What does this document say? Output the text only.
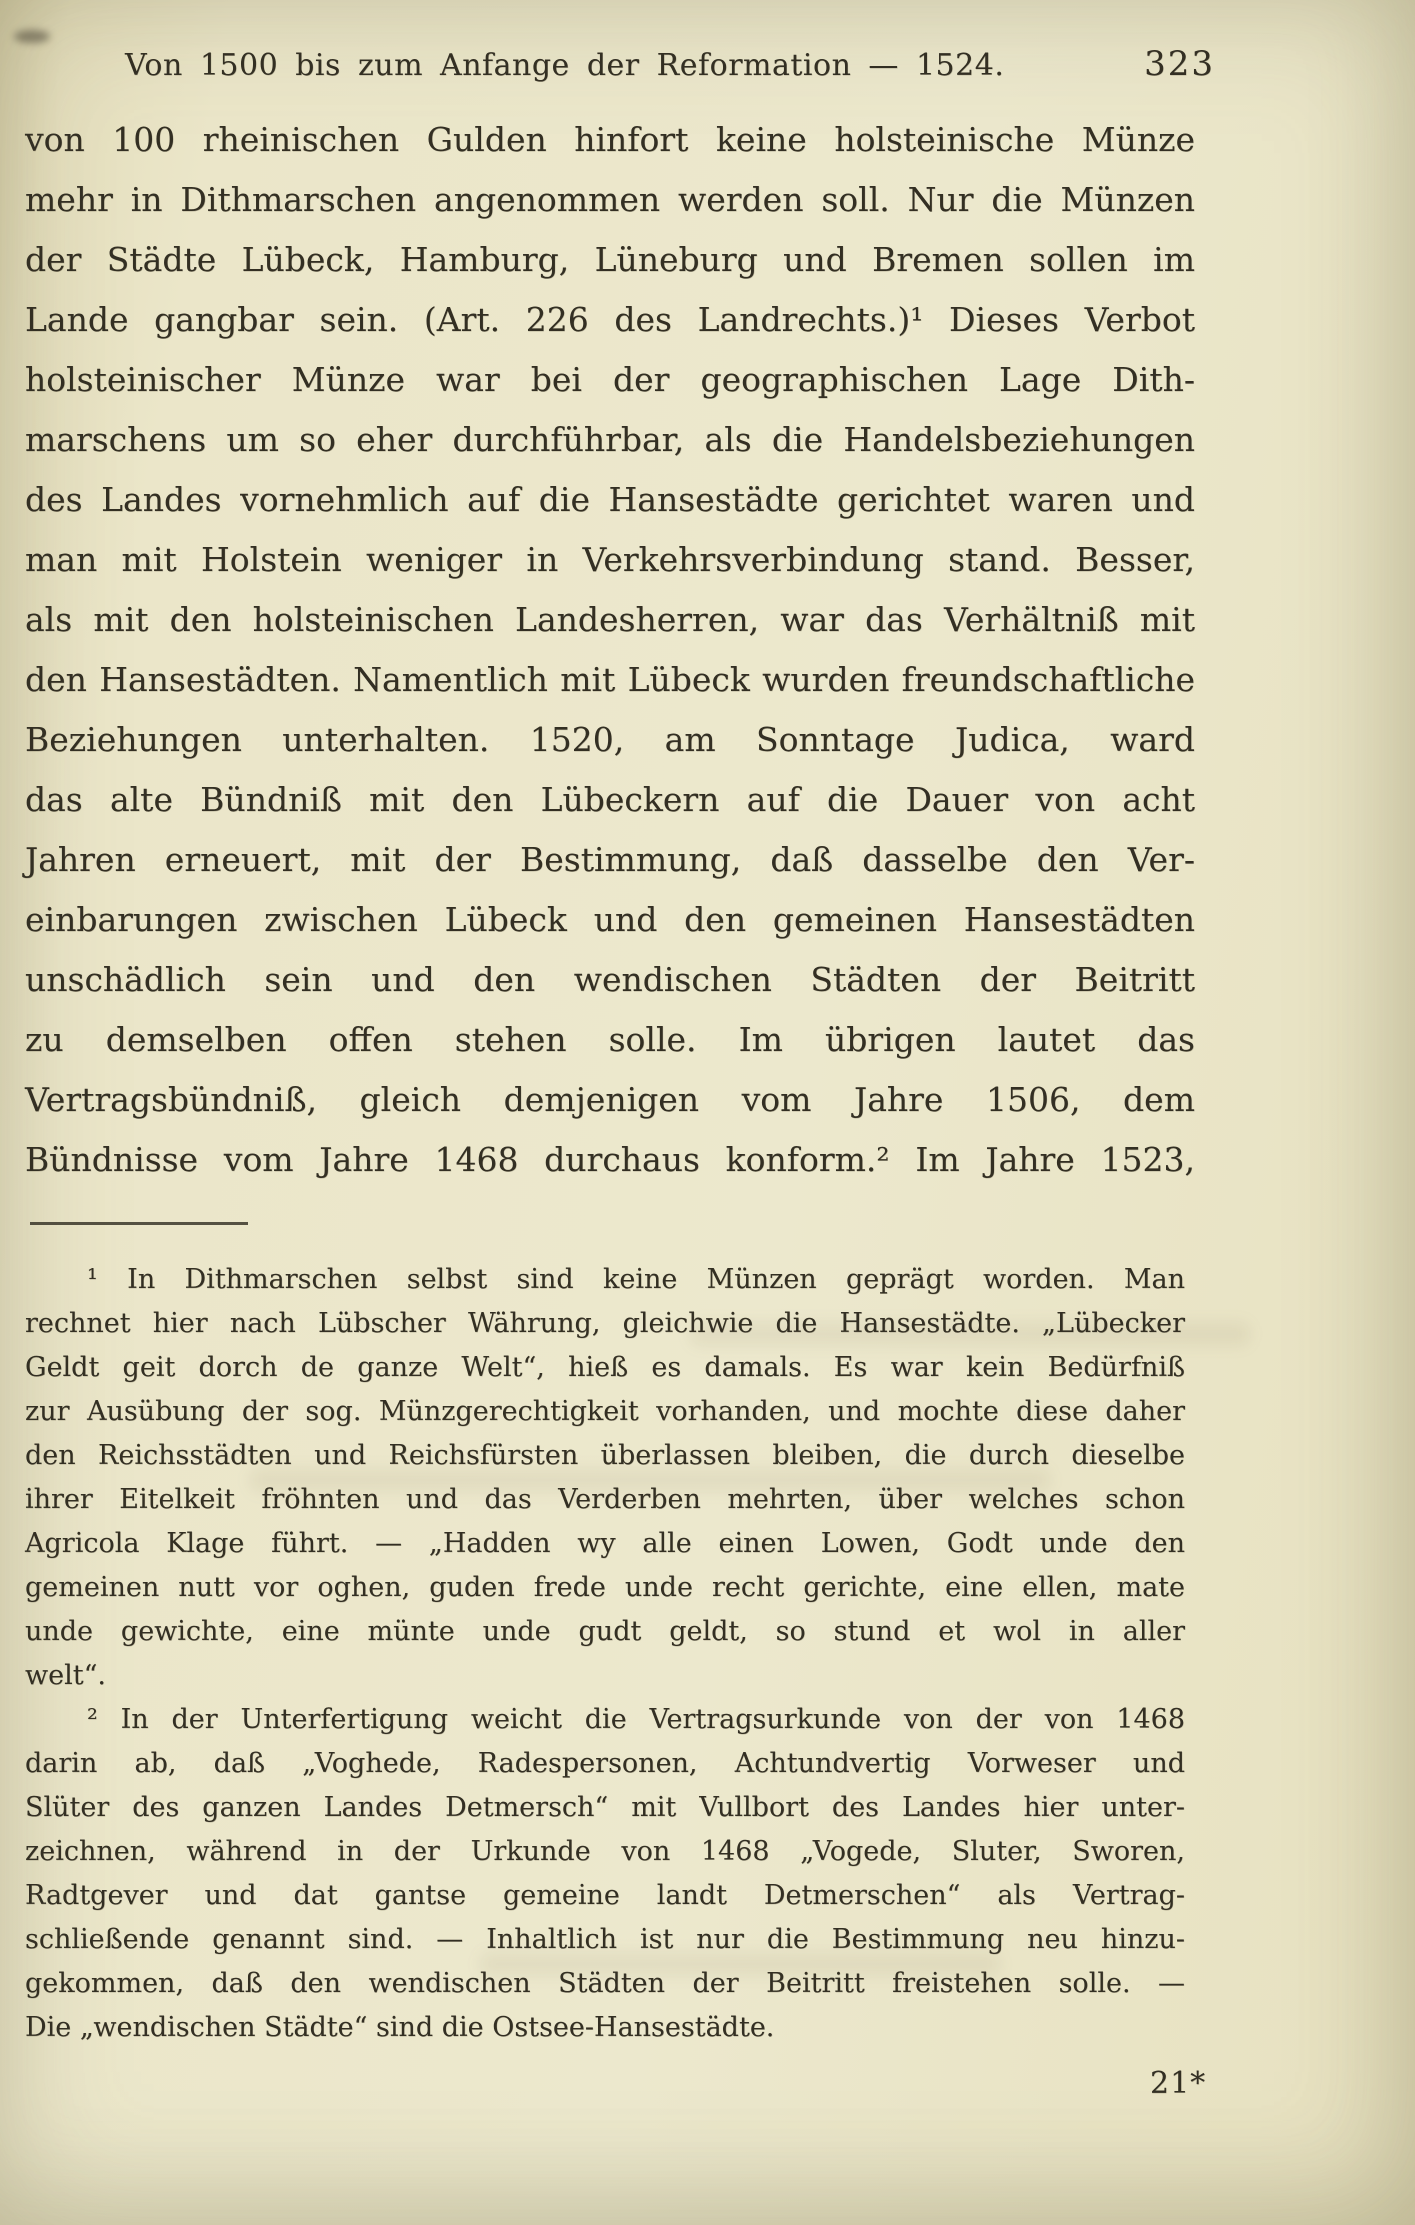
Von 1500 bis zum Anfange der Reformation — 1524.	323
von 100 rheinischen Gulden hinfort keine holsteinische Münze
mehr in Dithmarschen angenommen werden soll. Nur die Münzen
der Städte Lübeck, Hamburg, Lüneburg und Bremen sollen im
Lande gangbar sein. (Art. 226 des Landrechts.)¹ Dieses Verbot
holsteinischer Münze war bei der geographischen Lage Dith-
marschens um so eher durchführbar, als die Handelsbeziehungen
des Landes vornehmlich auf die Hansestädte gerichtet waren und
man mit Holstein weniger in Verkehrsverbindung stand. Besser,
als mit den holsteinischen Landesherren, war das Verhältniß mit
den Hansestädten. Namentlich mit Lübeck wurden freundschaftliche
Beziehungen unterhalten. 1520, am Sonntage Judica, ward
das alte Bündniß mit den Lübeckern auf die Dauer von acht
Jahren erneuert, mit der Bestimmung, daß dasselbe den Ver-
einbarungen zwischen Lübeck und den gemeinen Hansestädten
unschädlich sein und den wendischen Städten der Beitritt
zu demselben offen stehen solle. Im übrigen lautet das
Vertragsbündniß, gleich demjenigen vom Jahre 1506, dem
Bündnisse vom Jahre 1468 durchaus konform.² Im Jahre 1523,
¹ In Dithmarschen selbst sind keine Münzen geprägt worden. Man
rechnet hier nach Lübscher Währung, gleichwie die Hansestädte. „Lübecker
Geldt geit dorch de ganze Welt“, hieß es damals. Es war kein Bedürfniß
zur Ausübung der sog. Münzgerechtigkeit vorhanden, und mochte diese daher
den Reichsstädten und Reichsfürsten überlassen bleiben, die durch dieselbe
ihrer Eitelkeit fröhnten und das Verderben mehrten, über welches schon
Agricola Klage führt. — „Hadden wy alle einen Lowen, Godt unde den
gemeinen nutt vor oghen, guden frede unde recht gerichte, eine ellen, mate
unde gewichte, eine münte unde gudt geldt, so stund et wol in aller
welt“.
² In der Unterfertigung weicht die Vertragsurkunde von der von 1468
darin ab, daß „Voghede, Radespersonen, Achtundvertig Vorweser und
Slüter des ganzen Landes Detmersch“ mit Vullbort des Landes hier unter-
zeichnen, während in der Urkunde von 1468 „Vogede, Sluter, Sworen,
Radtgever und dat gantse gemeine landt Detmerschen“ als Vertrag-
schließende genannt sind. — Inhaltlich ist nur die Bestimmung neu hinzu-
gekommen, daß den wendischen Städten der Beitritt freistehen solle. —
Die „wendischen Städte“ sind die Ostsee-Hansestädte.
21*
